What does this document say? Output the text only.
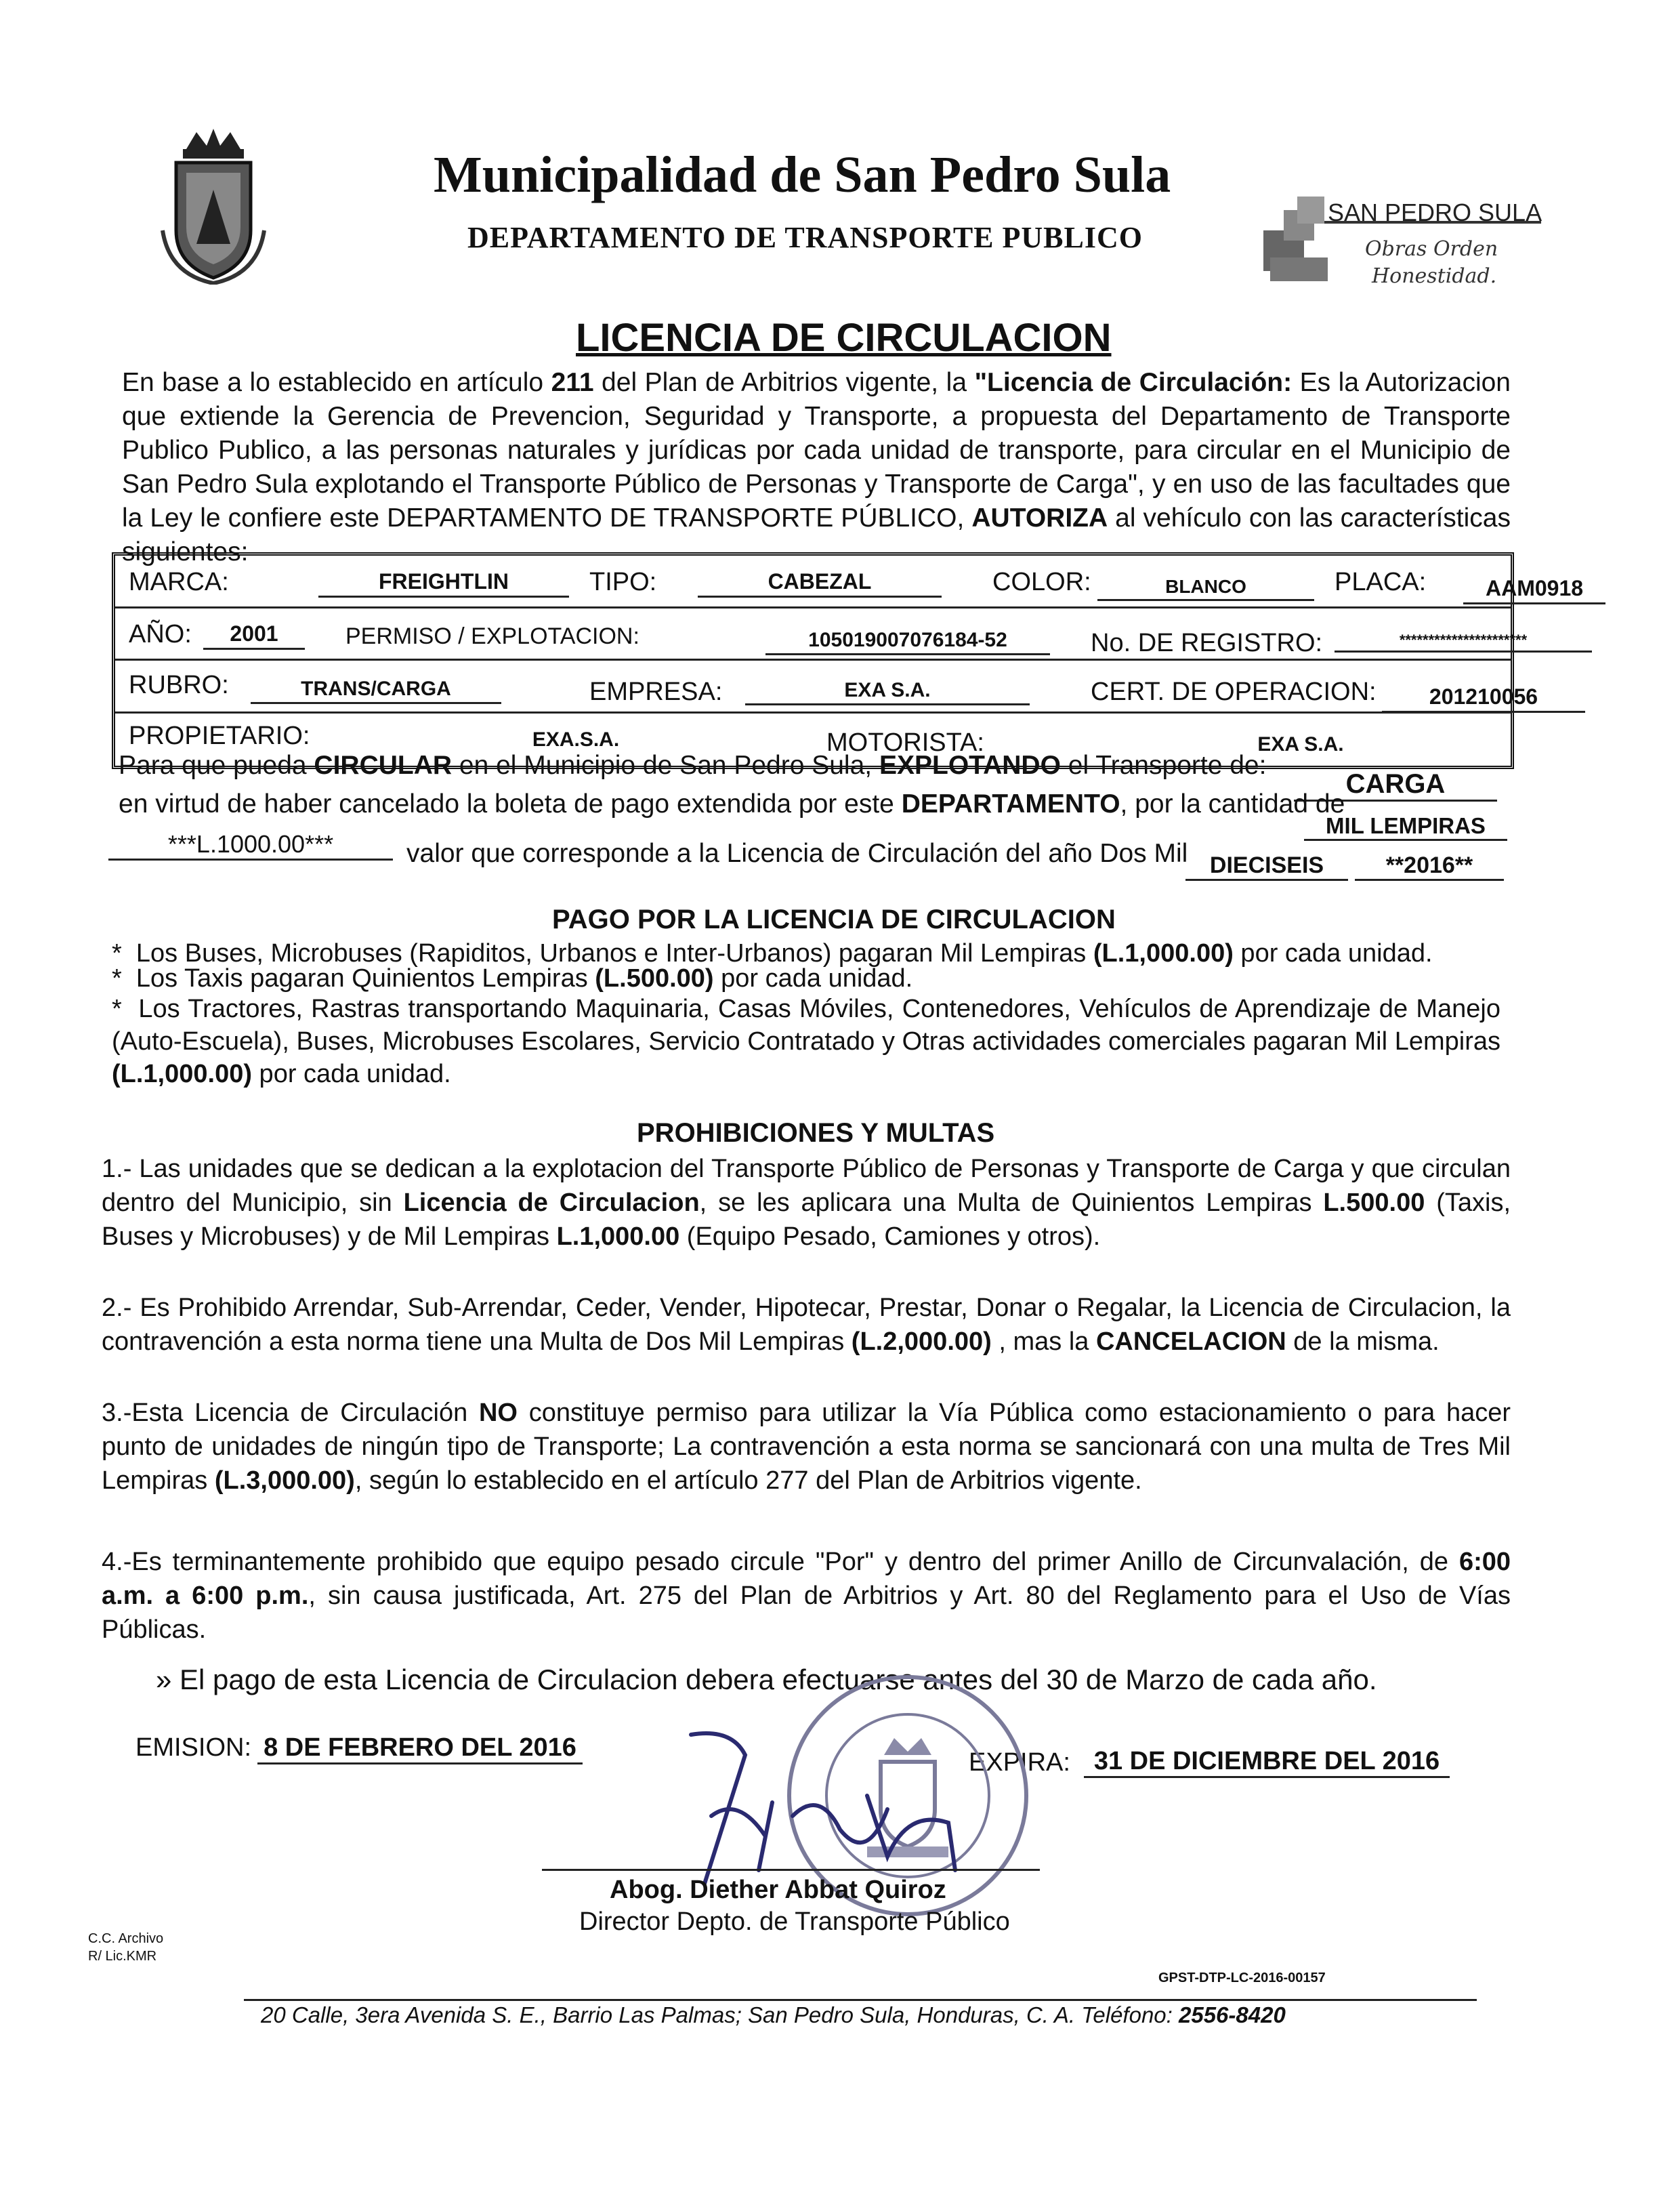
Municipalidad de San Pedro Sula
DEPARTAMENTO DE TRANSPORTE PUBLICO
SAN PEDRO SULA
Obras Orden
Honestidad.
LICENCIA DE CIRCULACION
En base a lo establecido en artículo 211 del Plan de Arbitrios vigente, la "Licencia de Circulación: Es la Autorizacion que extiende la Gerencia de Prevencion, Seguridad y Transporte, a propuesta del Departamento de Transporte Publico Publico, a las personas naturales y jurídicas por cada unidad de transporte, para circular en el Municipio de San Pedro Sula explotando el Transporte Público de Personas y Transporte de Carga", y en uso de las facultades que la Ley le confiere este DEPARTAMENTO DE TRANSPORTE PÚBLICO, AUTORIZA al vehículo con las características siguientes:
MARCA:	FREIGHTLIN	TIPO:	CABEZAL	COLOR:	BLANCO	PLACA:	AAM0918
AÑO:	2001	PERMISO / EXPLOTACION:	105019007076184-52	No. DE REGISTRO:	**********************
RUBRO:	TRANS/CARGA	EMPRESA:	EXA S.A.	CERT. DE OPERACION:	201210056
PROPIETARIO:	EXA.S.A.	MOTORISTA:	EXA S.A.
Para que pueda CIRCULAR en el Municipio de San Pedro Sula, EXPLOTANDO el Transporte de:
CARGA
en virtud de haber cancelado la boleta de pago extendida por este DEPARTAMENTO, por la cantidad de
MIL LEMPIRAS
***L.1000.00***	valor que corresponde a la Licencia de Circulación del año Dos Mil DIECISEIS	**2016**
PAGO POR LA LICENCIA DE CIRCULACION
*  Los Buses, Microbuses (Rapiditos, Urbanos e Inter-Urbanos) pagaran Mil Lempiras (L.1,000.00) por cada unidad.
*  Los Taxis pagaran Quinientos Lempiras (L.500.00) por cada unidad.
*  Los Tractores, Rastras transportando Maquinaria, Casas Móviles, Contenedores, Vehículos de Aprendizaje de Manejo (Auto-Escuela), Buses, Microbuses Escolares, Servicio Contratado y Otras actividades comerciales pagaran Mil Lempiras (L.1,000.00) por cada unidad.
PROHIBICIONES Y MULTAS
1.- Las unidades que se dedican a la explotacion del Transporte Público de Personas y Transporte de Carga y que circulan dentro del Municipio, sin Licencia de Circulacion, se les aplicara una Multa de Quinientos Lempiras L.500.00 (Taxis, Buses y Microbuses) y de Mil Lempiras L.1,000.00 (Equipo Pesado, Camiones y otros).
2.- Es Prohibido Arrendar, Sub-Arrendar, Ceder, Vender, Hipotecar, Prestar, Donar o Regalar, la Licencia de Circulacion, la contravención a esta norma tiene una Multa de Dos Mil Lempiras (L.2,000.00) , mas la CANCELACION de la misma.
3.-Esta Licencia de Circulación NO constituye permiso para utilizar la Vía Pública como estacionamiento o para hacer punto de unidades de ningún tipo de Transporte; La contravención a esta norma se sancionará con una multa de Tres Mil Lempiras (L.3,000.00), según lo establecido en el artículo 277 del Plan de Arbitrios vigente.
4.-Es terminantemente prohibido que equipo pesado circule "Por" y dentro del primer Anillo de Circunvalación, de 6:00 a.m. a 6:00 p.m., sin causa justificada, Art. 275 del Plan de Arbitrios y Art. 80 del Reglamento para el Uso de Vías Públicas.
» El pago de esta Licencia de Circulacion debera efectuarse antes del 30 de Marzo de cada año.
EMISION: 8 DE FEBRERO DEL 2016
EXPIRA: 31 DE DICIEMBRE DEL 2016
Abog. Diether Abbat Quiroz
Director Depto. de Transporte Público
C.C. Archivo
R/ Lic.KMR
GPST-DTP-LC-2016-00157
20 Calle, 3era Avenida S. E., Barrio Las Palmas; San Pedro Sula, Honduras, C. A. Teléfono: 2556-8420
